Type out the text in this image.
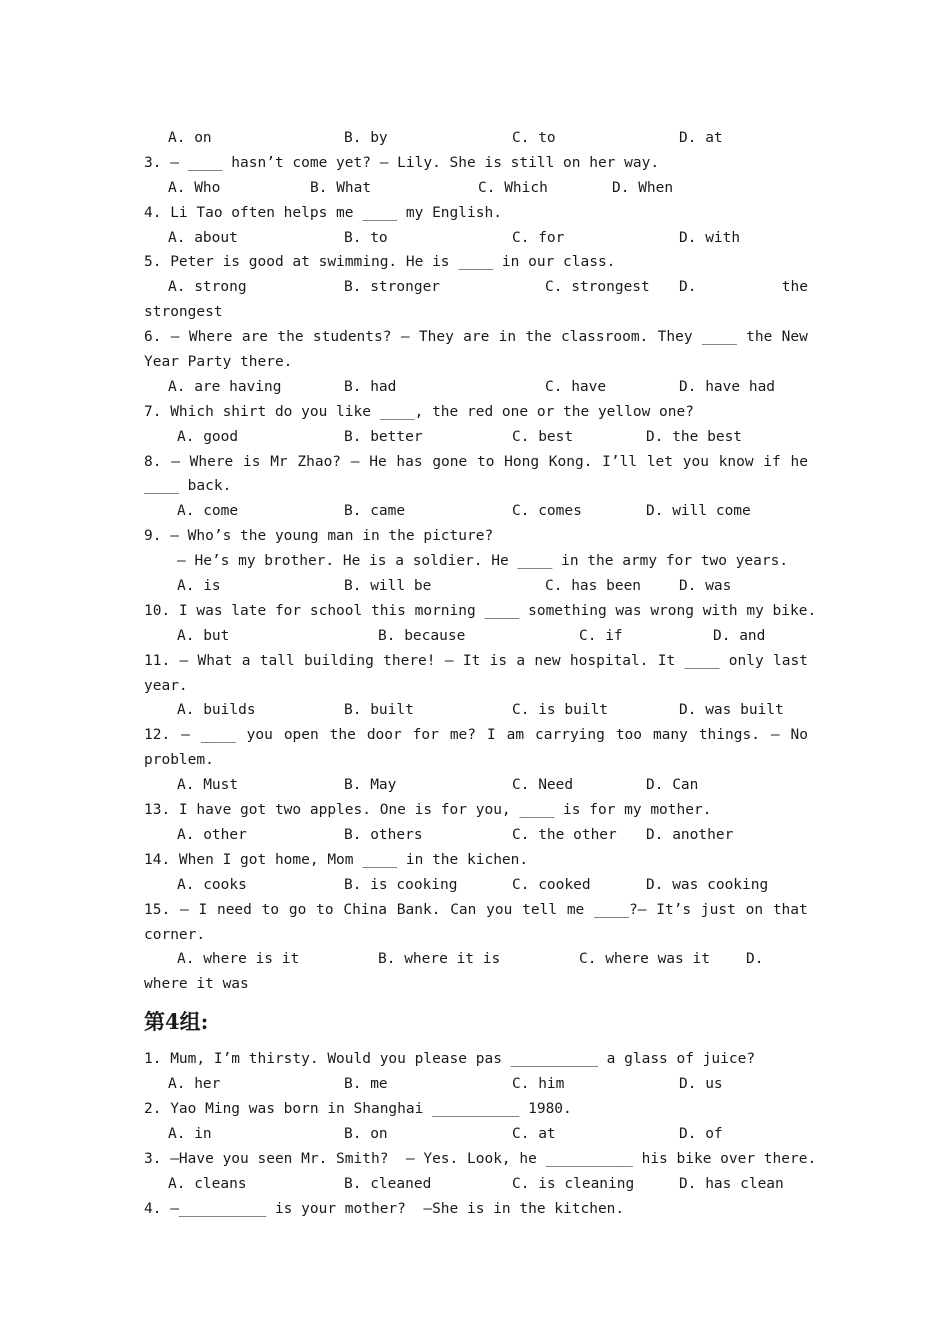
A. on

	B. by

	C. to

	D. at

3. — ____ hasn’t come yet? — Lily. She is still on her way.

A. Who

	B. What

	C. Which

	D. When

4. Li Tao often helps me ____ my English.

A. about

	B. to

	C. for

	D. with

5. Peter is good at swimming. He is ____ in our class.

A. strong

	B. stronger

	C. strongest

D.

	the

strongest
6. — Where are the students? — They are in the classroom. They ____ the New
Year Party there.

A. are having

	B. had

	C. have

	D. have had

7. Which shirt do you like ____, the red one or the yellow one?

A. good

	B. better

	C. best

	D. the best

8. — Where is Mr Zhao? — He has gone to Hong Kong. I’ll let you know if he
____ back.

A. come

	B. came

	C. comes

	D. will come

9. — Who’s the young man in the picture?
— He’s my brother. He is a soldier. He ____ in the army for two years.

A. is

	B. will be

	C. has been

	D. was

10. I was late for school this morning ____ something was wrong with my bike.

A. but

	B. because

	C. if

	D. and

11. — What a tall building there! — It is a new hospital. It ____ only last
year.

A. builds

	B. built

	C. is built

	D. was built

12. — ____ you open the door for me? I am carrying too many things. — No
problem.

A. Must

	B. May

	C. Need

	D. Can

13. I have got two apples. One is for you, ____ is for my mother.

A. other

	B. others

	C. the other

D. another

14. When I got home, Mom ____ in the kichen.

A. cooks

	B. is cooking

	C. cooked

	D. was cooking

15. — I need to go to China Bank. Can you tell me ____?— It’s just on that
corner.

A. where is it

	B. where it is

	C. where was it

D.

where it was
第4组:
1. Mum, I’m thirsty. Would you please pas __________ a glass of juice?

A. her

	B. me

	C. him

	D. us

2. Yao Ming was born in Shanghai __________ 1980.

A. in

	B. on

	C. at

	D. of

3. —Have you seen Mr. Smith?  — Yes. Look, he __________ his bike over there.

A. cleans

	B. cleaned

	C. is cleaning

	D. has clean

4. —__________ is your mother?  —She is in the kitchen.
